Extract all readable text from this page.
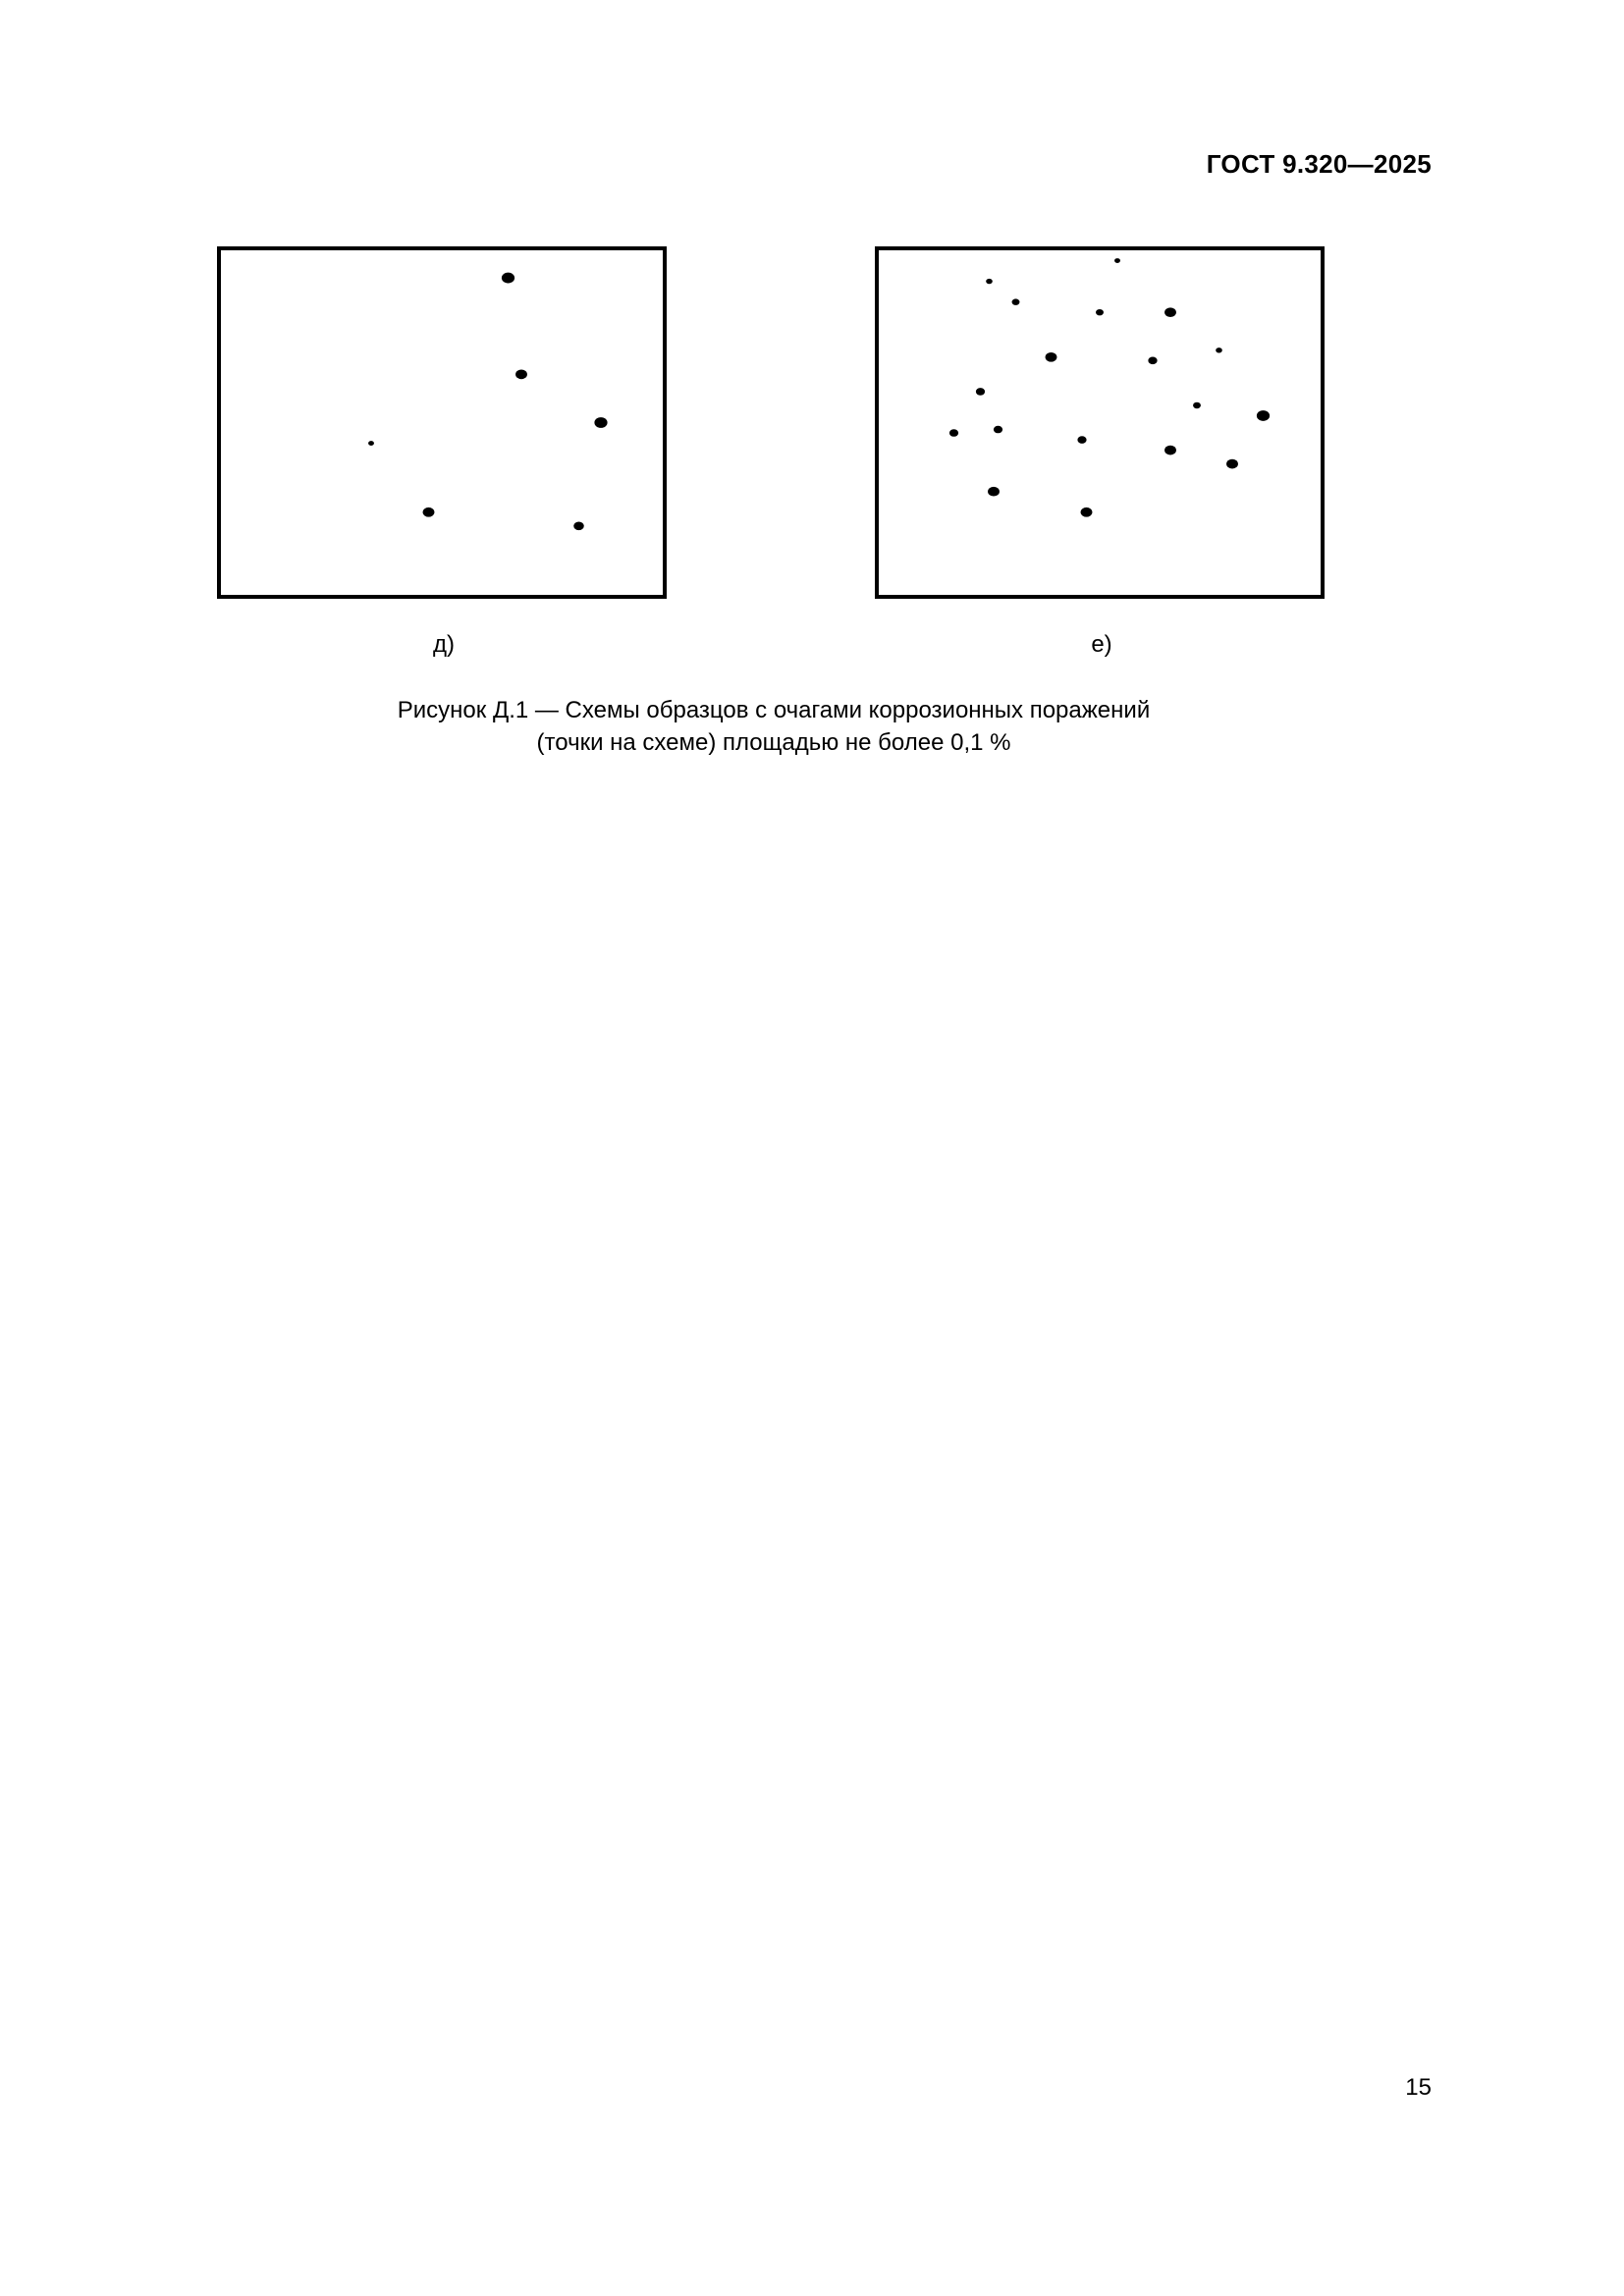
ГОСТ 9.320—2025
д)	е)
Рисунок Д.1 — Схемы образцов с очагами коррозионных поражений
(точки на схеме) площадью не более 0,1 %
15
